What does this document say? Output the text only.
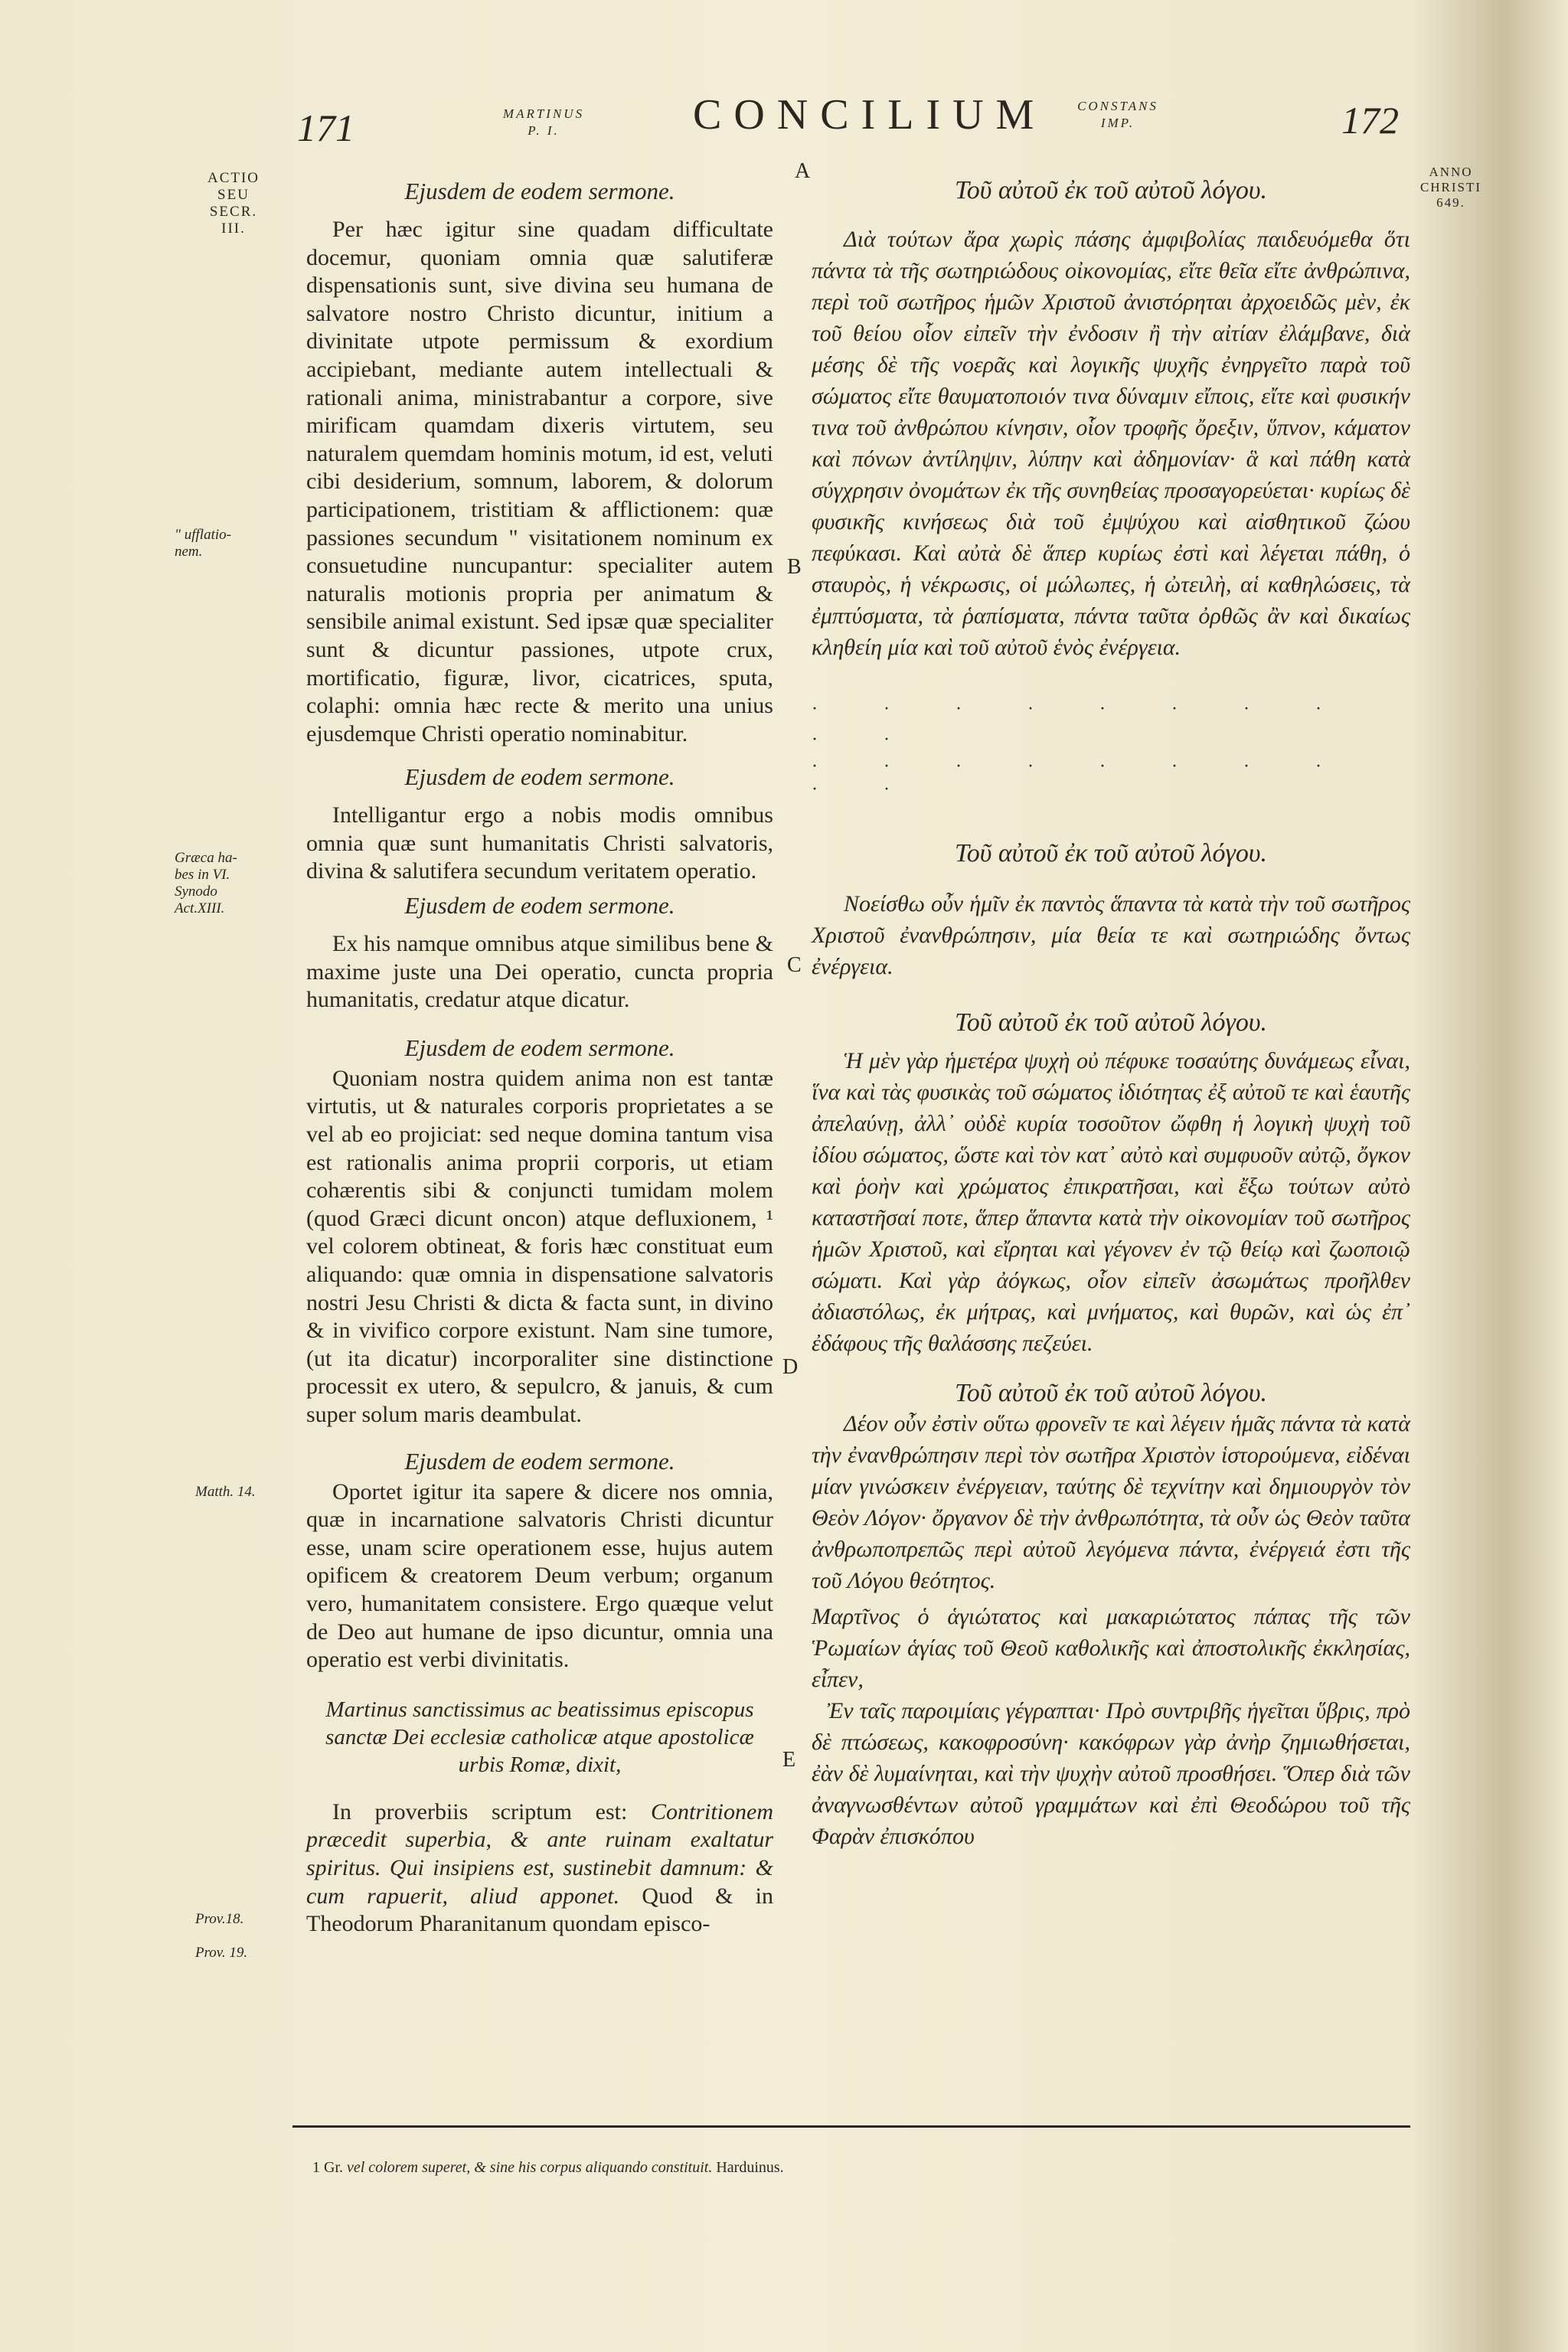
171	MARTINUS
P. I.	CONCILIUM	CONSTANS
IMP.	172
ACTIO
SEU
SECR. III.
ANNO
CHRISTI
649.
" ufflatio-
nem.
Græca ha-
bes in VI.
Synodo
Act.XIII.
Matth. 14.
Prov.18.
Prov. 19.
A
B
C
D
E
Ejusdem de eodem sermone.
Per hæc igitur sine quadam difficultate docemur, quoniam omnia quæ salutiferæ dispensationis sunt, sive divina seu humana de salvatore nostro Christo dicuntur, initium a divinitate utpote permissum & exordium accipiebant, mediante autem intellectuali & rationali anima, ministrabantur a corpore, sive mirificam quamdam dixeris virtutem, seu naturalem quemdam hominis motum, id est, veluti cibi desiderium, somnum, laborem, & dolorum participationem, tristitiam & afflictionem: quæ passiones secundum " visitationem nominum ex consuetudine nuncupantur: specialiter autem naturalis motionis propria per animatum & sensibile animal existunt. Sed ipsæ quæ specialiter sunt & dicuntur passiones, utpote crux, mortificatio, figuræ, livor, cicatrices, sputa, colaphi: omnia hæc recte & merito una unius ejusdemque Christi operatio nominabitur.
Ejusdem de eodem sermone.
Intelligantur ergo a nobis modis omnibus omnia quæ sunt humanitatis Christi salvatoris, divina & salutifera secundum veritatem operatio.
Ejusdem de eodem sermone.
Ex his namque omnibus atque similibus bene & maxime juste una Dei operatio, cuncta propria humanitatis, credatur atque dicatur.
Ejusdem de eodem sermone.
Quoniam nostra quidem anima non est tantæ virtutis, ut & naturales corporis proprietates a se vel ab eo projiciat: sed neque domina tantum visa est rationalis anima proprii corporis, ut etiam cohærentis sibi & conjuncti tumidam molem (quod Græci dicunt oncon) atque defluxionem, ¹ vel colorem obtineat, & foris hæc constituat eum aliquando: quæ omnia in dispensatione salvatoris nostri Jesu Christi & dicta & facta sunt, in divino & in vivifico corpore existunt. Nam sine tumore, (ut ita dicatur) incorporaliter sine distinctione processit ex utero, & sepulcro, & januis, & cum super solum maris deambulat.
Ejusdem de eodem sermone.
Oportet igitur ita sapere & dicere nos omnia, quæ in incarnatione salvatoris Christi dicuntur esse, unam scire operationem esse, hujus autem opificem & creatorem Deum verbum; organum vero, humanitatem consistere. Ergo quæque velut de Deo aut humane de ipso dicuntur, omnia una operatio est verbi divinitatis.
Martinus sanctissimus ac beatissimus episcopus sanctæ Dei ecclesiæ catholicæ atque apostolicæ urbis Romæ, dixit,
In proverbiis scriptum est: Contritionem præcedit superbia, & ante ruinam exaltatur spiritus. Qui insipiens est, sustinebit damnum: & cum rapuerit, aliud apponet. Quod & in Theodorum Pharanitanum quondam episco-
Τοῦ αὐτοῦ ἐκ τοῦ αὐτοῦ λόγου.
Διὰ τούτων ἄρα χωρὶς πάσης ἀμφιβολίας παιδευόμεθα ὅτι πάντα τὰ τῆς σωτηριώδους οἰκονομίας, εἴτε θεῖα εἴτε ἀνθρώπινα, περὶ τοῦ σωτῆρος ἡμῶν Χριστοῦ ἀνιστόρηται ἀρχοειδῶς μὲν, ἐκ τοῦ θείου οἷον εἰπεῖν τὴν ἐνδοσιν ἢ τὴν αἰτίαν ἐλάμβανε, διὰ μέσης δὲ τῆς νοερᾶς καὶ λογικῆς ψυχῆς ἐνηργεῖτο παρὰ τοῦ σώματος εἴτε θαυματοποιόν τινα δύναμιν εἴποις, εἴτε καὶ φυσικήν τινα τοῦ ἀνθρώπου κίνησιν, οἷον τροφῆς ὄρεξιν, ὕπνον, κάματον καὶ πόνων ἀντίληψιν, λύπην καὶ ἀδημονίαν· ἃ καὶ πάθη κατὰ σύγχρησιν ὀνομάτων ἐκ τῆς συνηθείας προσαγορεύεται· κυρίως δὲ φυσικῆς κινήσεως διὰ τοῦ ἐμψύχου καὶ αἰσθητικοῦ ζώου πεφύκασι. Καὶ αὐτὰ δὲ ἅπερ κυρίως ἐστὶ καὶ λέγεται πάθη, ὁ σταυρὸς, ἡ νέκρωσις, οἱ μώλωπες, ἡ ὠτειλὴ, αἱ καθηλώσεις, τὰ ἐμπτύσματα, τὰ ῥαπίσματα, πάντα ταῦτα ὀρθῶς ἂν καὶ δικαίως κληθείη μία καὶ τοῦ αὐτοῦ ἑνὸς ἐνέργεια.
· · · · · · · · · ·
· · · · · · · · · ·
Τοῦ αὐτοῦ ἐκ τοῦ αὐτοῦ λόγου.
Νοείσθω οὖν ἡμῖν ἐκ παντὸς ἅπαντα τὰ κατὰ τὴν τοῦ σωτῆρος Χριστοῦ ἐνανθρώπησιν, μία θεία τε καὶ σωτηριώδης ὄντως ἐνέργεια.
Τοῦ αὐτοῦ ἐκ τοῦ αὐτοῦ λόγου.
Ἡ μὲν γὰρ ἡμετέρα ψυχὴ οὐ πέφυκε τοσαύτης δυνάμεως εἶναι, ἵνα καὶ τὰς φυσικὰς τοῦ σώματος ἰδιότητας ἐξ αὐτοῦ τε καὶ ἑαυτῆς ἀπελαύνῃ, ἀλλ᾽ οὐδὲ κυρία τοσοῦτον ὤφθη ἡ λογικὴ ψυχὴ τοῦ ἰδίου σώματος, ὥστε καὶ τὸν κατ᾽ αὐτὸ καὶ συμφυοῦν αὐτῷ, ὄγκον καὶ ῥοὴν καὶ χρώματος ἐπικρατῆσαι, καὶ ἔξω τούτων αὐτὸ καταστῆσαί ποτε, ἅπερ ἅπαντα κατὰ τὴν οἰκονομίαν τοῦ σωτῆρος ἡμῶν Χριστοῦ, καὶ εἴρηται καὶ γέγονεν ἐν τῷ θείῳ καὶ ζωοποιῷ σώματι. Καὶ γὰρ ἀόγκως, οἷον εἰπεῖν ἀσωμάτως προῆλθεν ἀδιαστόλως, ἐκ μήτρας, καὶ μνήματος, καὶ θυρῶν, καὶ ὡς ἐπ᾽ ἐδάφους τῆς θαλάσσης πεζεύει.
Τοῦ αὐτοῦ ἐκ τοῦ αὐτοῦ λόγου.
Δέον οὖν ἐστὶν οὕτω φρονεῖν τε καὶ λέγειν ἡμᾶς πάντα τὰ κατὰ τὴν ἐνανθρώπησιν περὶ τὸν σωτῆρα Χριστὸν ἱστορούμενα, εἰδέναι μίαν γινώσκειν ἐνέργειαν, ταύτης δὲ τεχνίτην καὶ δημιουργὸν τὸν Θεὸν Λόγον· ὄργανον δὲ τὴν ἀνθρωπότητα, τὰ οὖν ὡς Θεὸν ταῦτα ἀνθρωποπρεπῶς περὶ αὐτοῦ λεγόμενα πάντα, ἐνέργειά ἐστι τῆς τοῦ Λόγου θεότητος.
Μαρτῖνος ὁ ἁγιώτατος καὶ μακαριώτατος πάπας τῆς τῶν Ῥωμαίων ἁγίας τοῦ Θεοῦ καθολικῆς καὶ ἀποστολικῆς ἐκκλησίας, εἶπεν,
Ἐν ταῖς παροιμίαις γέγραπται· Πρὸ συντριβῆς ἡγεῖται ὕβρις, πρὸ δὲ πτώσεως, κακοφροσύνη· κακόφρων γὰρ ἀνὴρ ζημιωθήσεται, ἐὰν δὲ λυμαίνηται, καὶ τὴν ψυχὴν αὐτοῦ προσθήσει. Ὅπερ διὰ τῶν ἀναγνωσθέντων αὐτοῦ γραμμάτων καὶ ἐπὶ Θεοδώρου τοῦ τῆς Φαρὰν ἐπισκόπου
1 Gr. vel colorem superet, & sine his corpus aliquando constituit. Harduinus.
